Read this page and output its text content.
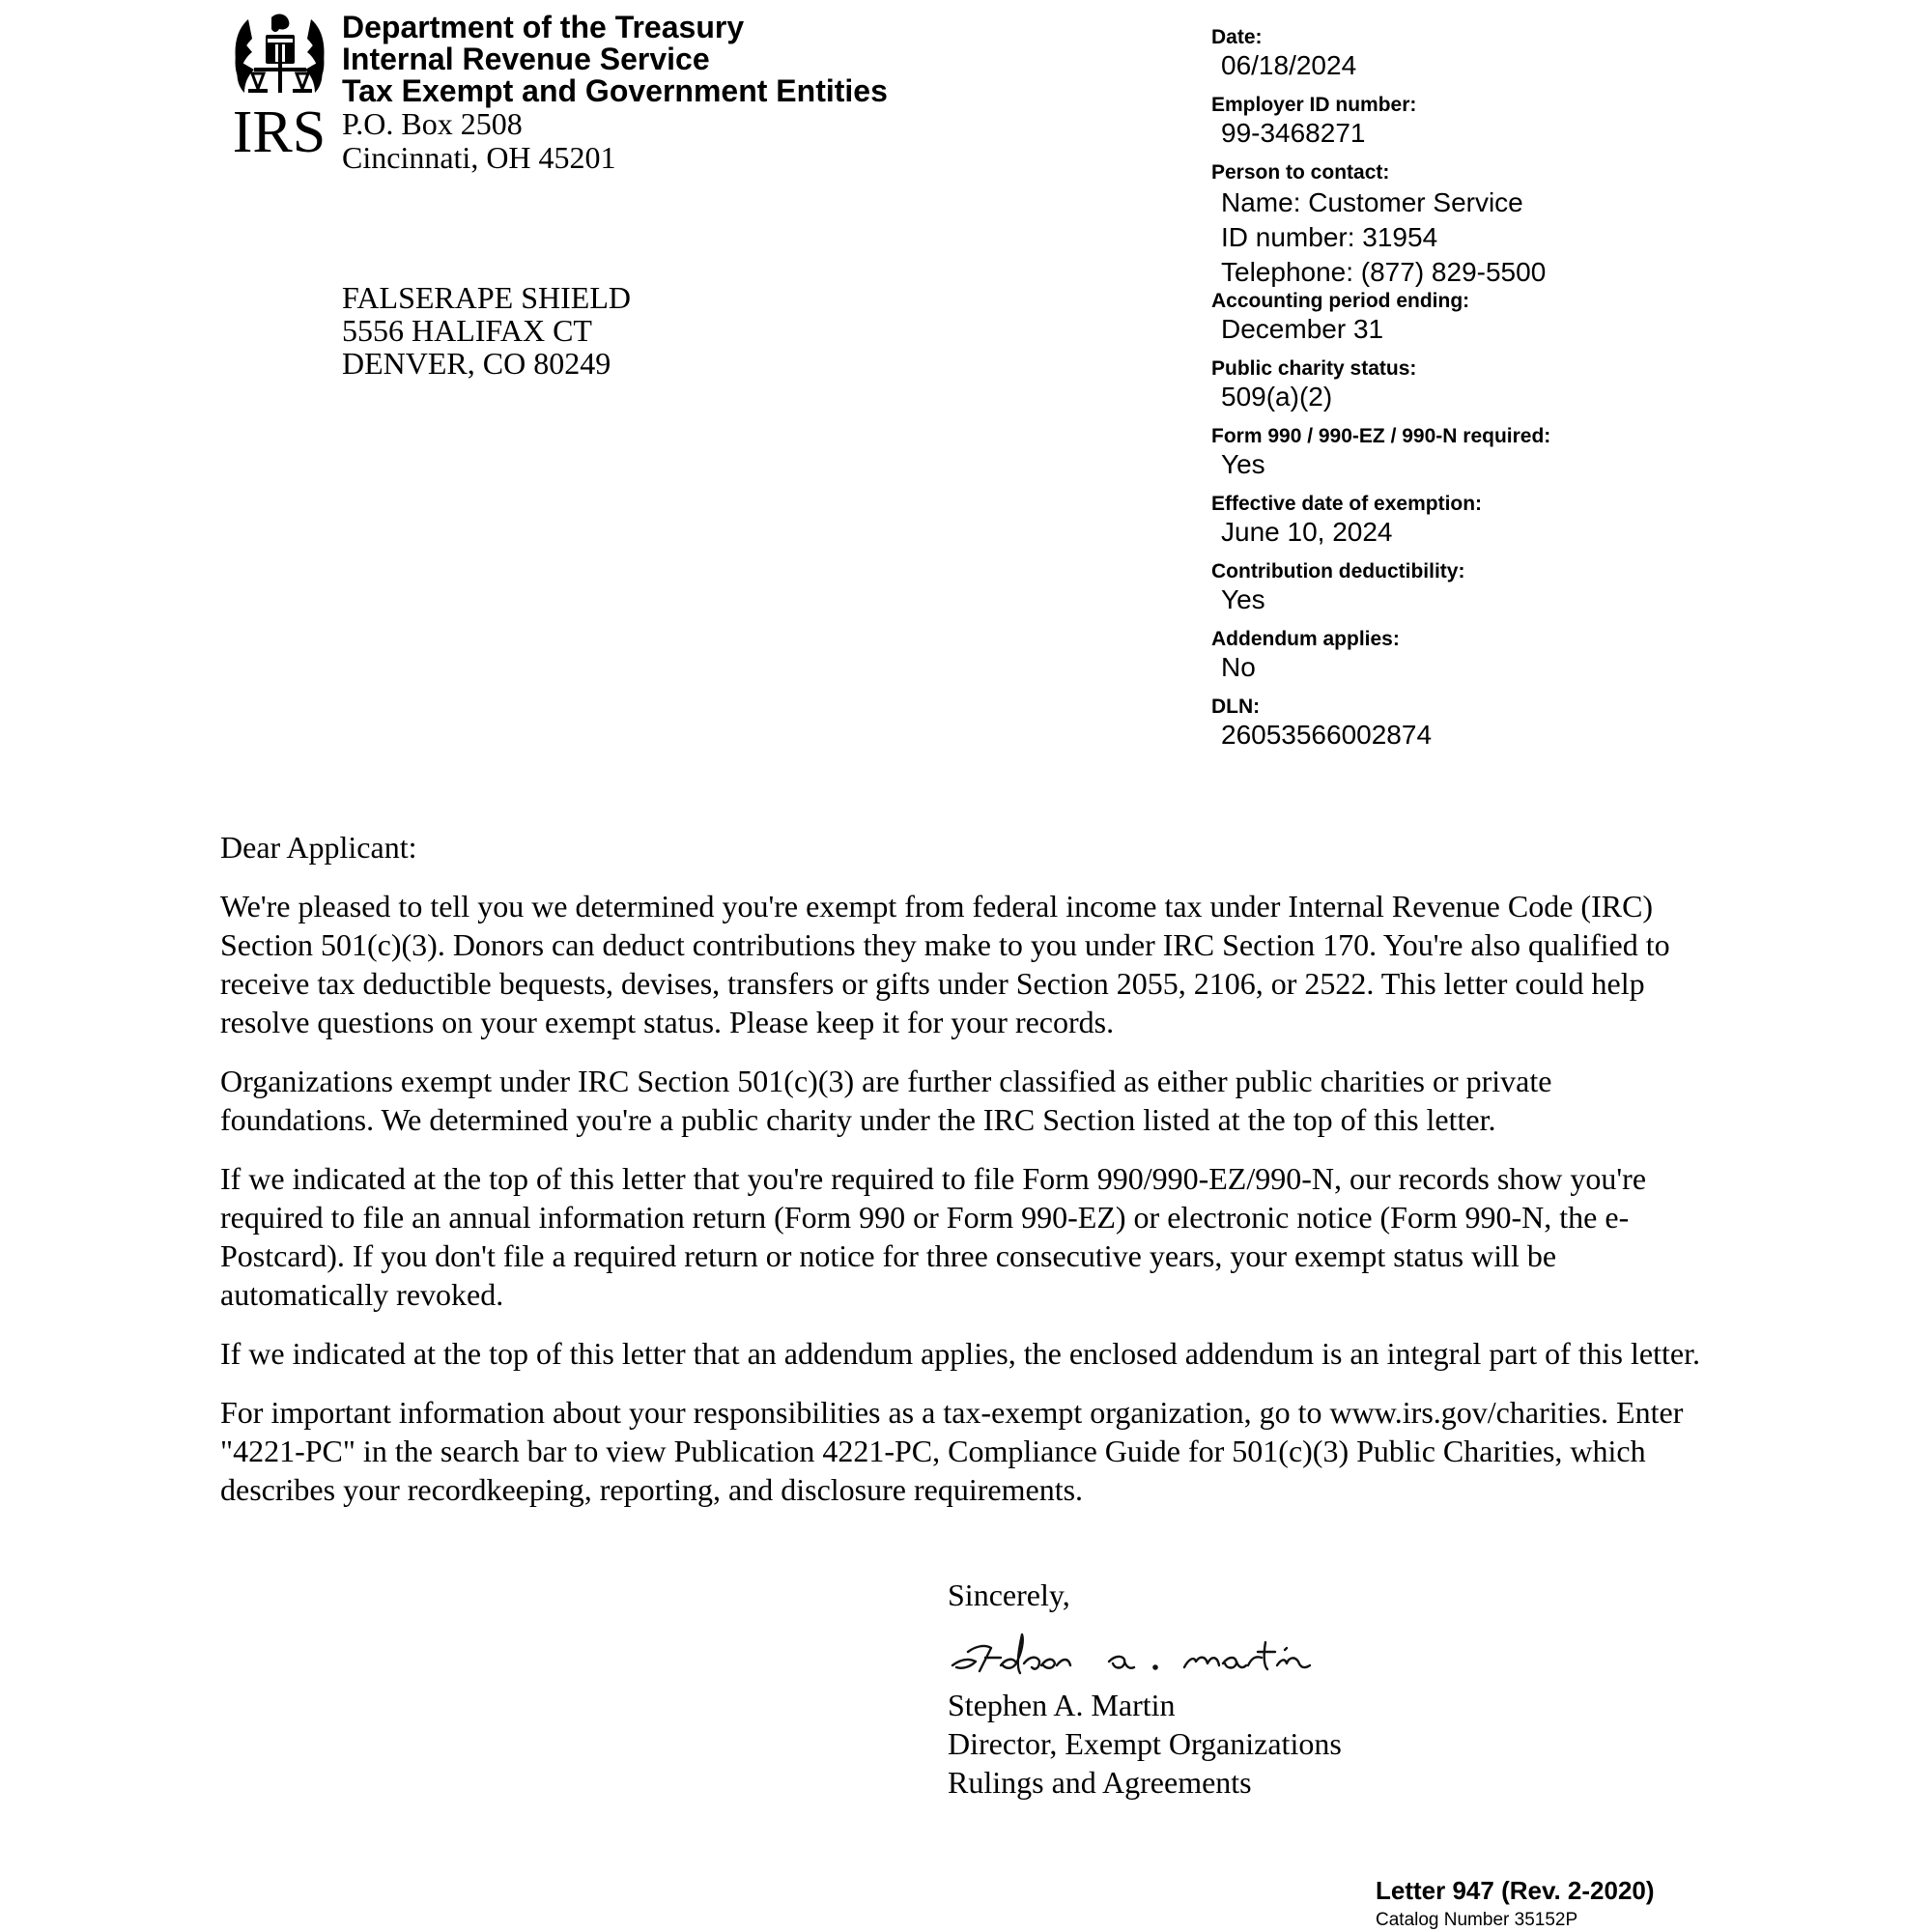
IRS
Department of the Treasury
Internal Revenue Service
Tax Exempt and Government Entities
P.O. Box 2508
Cincinnati, OH 45201
FALSERAPE SHIELD
5556 HALIFAX CT
DENVER, CO 80249
Date:
06/18/2024
Employer ID number:
99-3468271
Person to contact:
Name: Customer Service
ID number: 31954
Telephone: (877) 829-5500
Accounting period ending:
December 31
Public charity status:
509(a)(2)
Form 990 / 990-EZ / 990-N required:
Yes
Effective date of exemption:
June 10, 2024
Contribution deductibility:
Yes
Addendum applies:
No
DLN:
26053566002874
Dear Applicant:

We're pleased to tell you we determined you're exempt from federal income tax under Internal Revenue Code (IRC) Section 501(c)(3). Donors can deduct contributions they make to you under IRC Section 170. You're also qualified to receive tax deductible bequests, devises, transfers or gifts under Section 2055, 2106, or 2522. This letter could help resolve questions on your exempt status. Please keep it for your records.

Organizations exempt under IRC Section 501(c)(3) are further classified as either public charities or private foundations. We determined you're a public charity under the IRC Section listed at the top of this letter.

If we indicated at the top of this letter that you're required to file Form 990/990-EZ/990-N, our records show you're required to file an annual information return (Form 990 or Form 990-EZ) or electronic notice (Form 990-N, the e-Postcard). If you don't file a required return or notice for three consecutive years, your exempt status will be automatically revoked.

If we indicated at the top of this letter that an addendum applies, the enclosed addendum is an integral part of this letter.

For important information about your responsibilities as a tax-exempt organization, go to www.irs.gov/charities. Enter "4221-PC" in the search bar to view Publication 4221-PC, Compliance Guide for 501(c)(3) Public Charities, which describes your recordkeeping, reporting, and disclosure requirements.

Sincerely,
Stephen A. Martin
Director, Exempt Organizations
Rulings and Agreements
Letter 947 (Rev. 2-2020)
Catalog Number 35152P
